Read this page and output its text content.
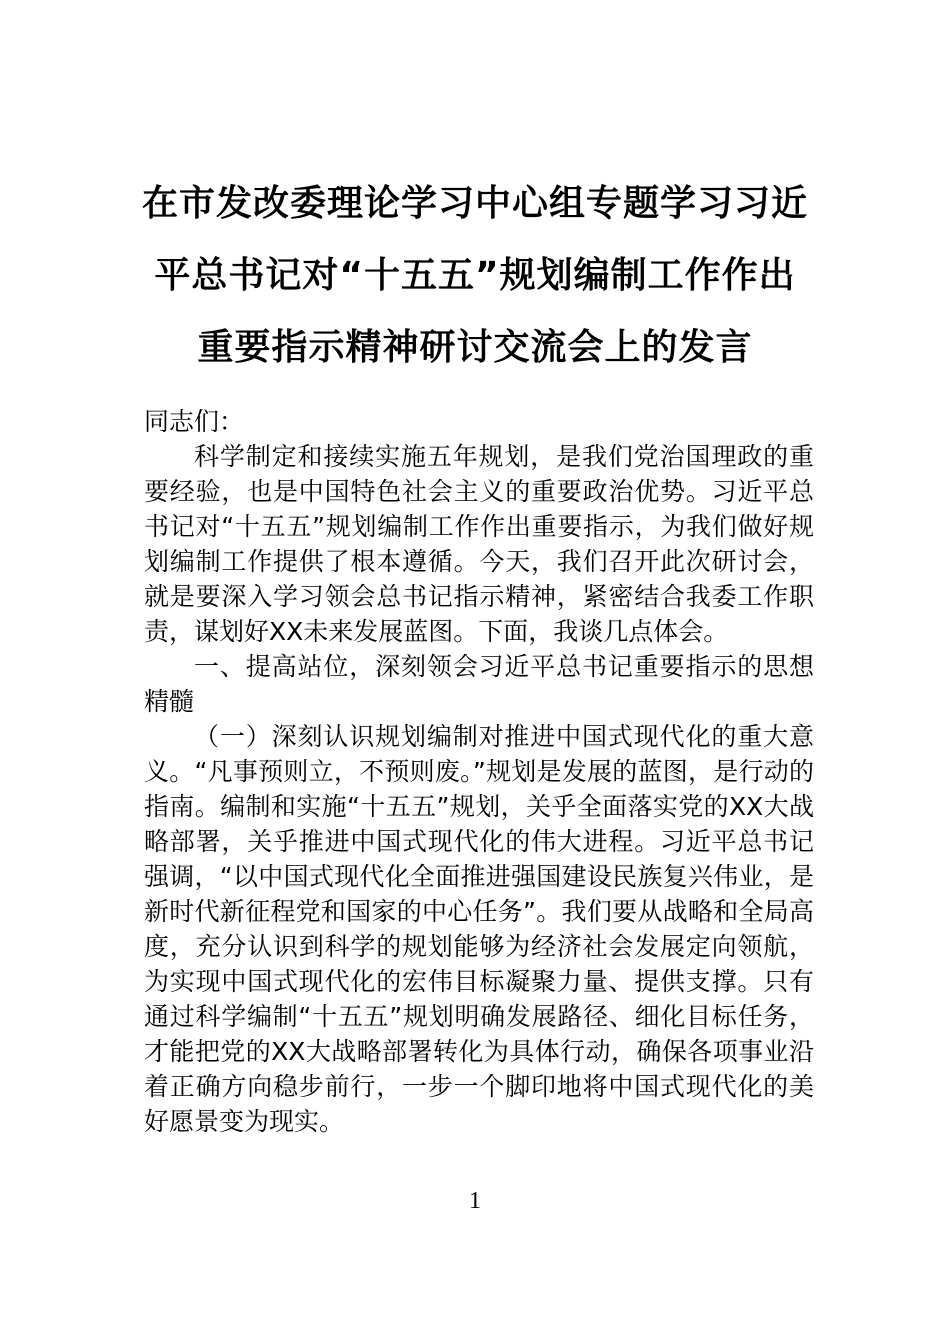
在市发改委理论学习中心组专题学习习近
平总书记对“十五五”规划编制工作作出
重要指示精神研讨交流会上的发言

同志们：

科学制定和接续实施五年规划，是我们党治国理政的重要经验，也是中国特色社会主义的重要政治优势。习近平总书记对“十五五”规划编制工作作出重要指示，为我们做好规划编制工作提供了根本遵循。今天，我们召开此次研讨会，就是要深入学习领会总书记指示精神，紧密结合我委工作职责，谋划好XX未来发展蓝图。下面，我谈几点体会。

一、提高站位，深刻领会习近平总书记重要指示的思想精髓

（一）深刻认识规划编制对推进中国式现代化的重大意义。“凡事预则立，不预则废。”规划是发展的蓝图，是行动的指南。编制和实施“十五五”规划，关乎全面落实党的XX大战略部署，关乎推进中国式现代化的伟大进程。习近平总书记强调，“以中国式现代化全面推进强国建设民族复兴伟业，是新时代新征程党和国家的中心任务”。我们要从战略和全局高度，充分认识到科学的规划能够为经济社会发展定向领航，为实现中国式现代化的宏伟目标凝聚力量、提供支撑。只有通过科学编制“十五五”规划明确发展路径、细化目标任务，才能把党的XX大战略部署转化为具体行动，确保各项事业沿着正确方向稳步前行，一步一个脚印地将中国式现代化的美好愿景变为现实。

1
